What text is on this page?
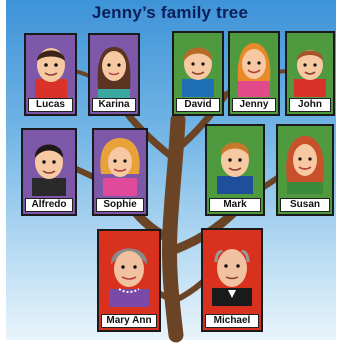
Jenny’s family tree
Lucas	Karina	David	Jenny	John
Alfredo	Sophie	Mark	Susan
Mary Ann	Michael
